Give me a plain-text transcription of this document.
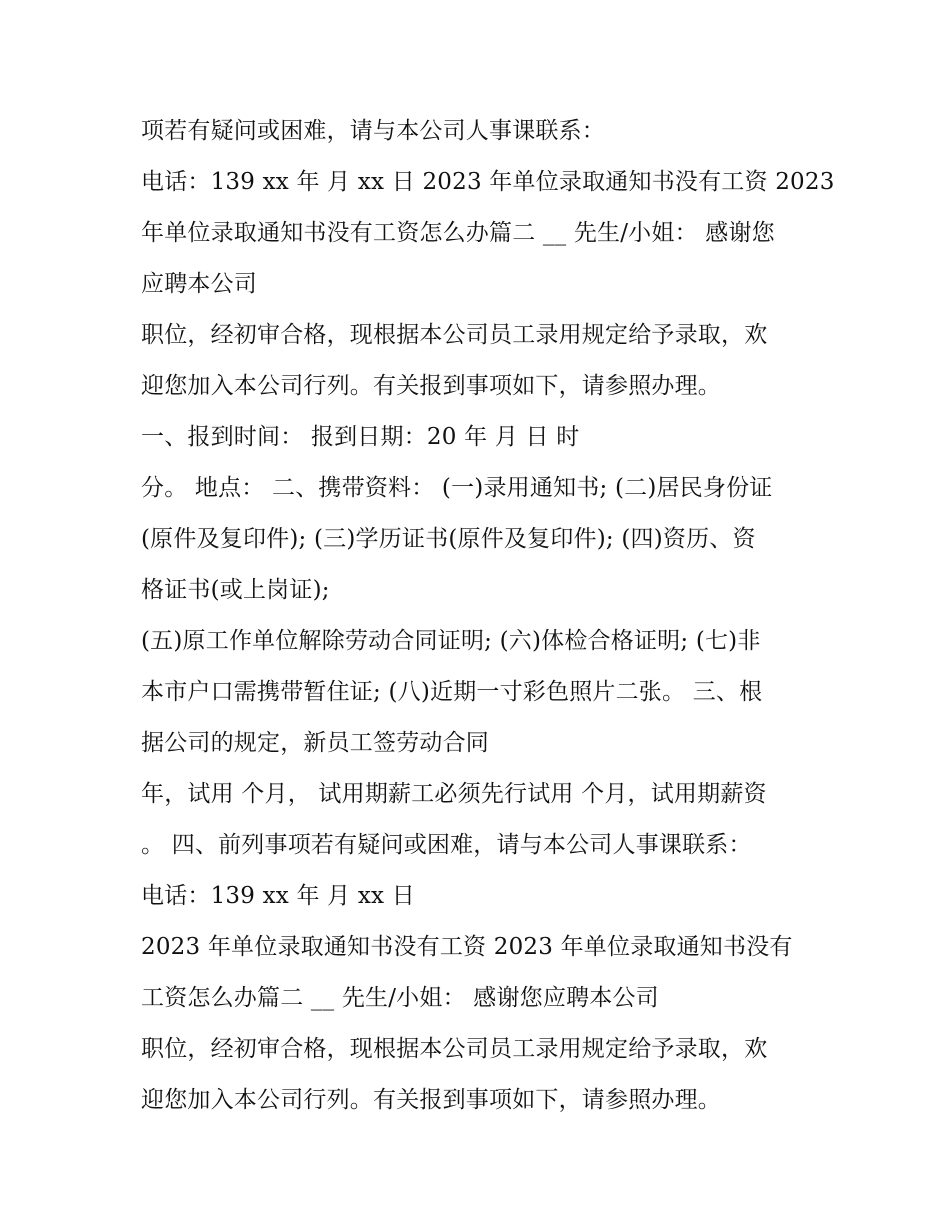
项若有疑问或困难，请与本公司人事课联系：
电话：139 xx 年 月 xx 日 2023 年单位录取通知书没有工资 2023
年单位录取通知书没有工资怎么办篇二 __ 先生/小姐： 感谢您
应聘本公司
职位，经初审合格，现根据本公司员工录用规定给予录取，欢
迎您加入本公司行列。有关报到事项如下，请参照办理。
一、报到时间： 报到日期：20 年 月 日 时
分。 地点： 二、携带资料： (一)录用通知书; (二)居民身份证
(原件及复印件); (三)学历证书(原件及复印件); (四)资历、资
格证书(或上岗证);
(五)原工作单位解除劳动合同证明; (六)体检合格证明; (七)非
本市户口需携带暂住证; (八)近期一寸彩色照片二张。 三、根
据公司的规定，新员工签劳动合同
年，试用 个月， 试用期薪工必须先行试用 个月，试用期薪资
。 四、前列事项若有疑问或困难，请与本公司人事课联系：
电话：139 xx 年 月 xx 日
2023 年单位录取通知书没有工资 2023 年单位录取通知书没有
工资怎么办篇二 __ 先生/小姐： 感谢您应聘本公司
职位，经初审合格，现根据本公司员工录用规定给予录取，欢
迎您加入本公司行列。有关报到事项如下，请参照办理。
